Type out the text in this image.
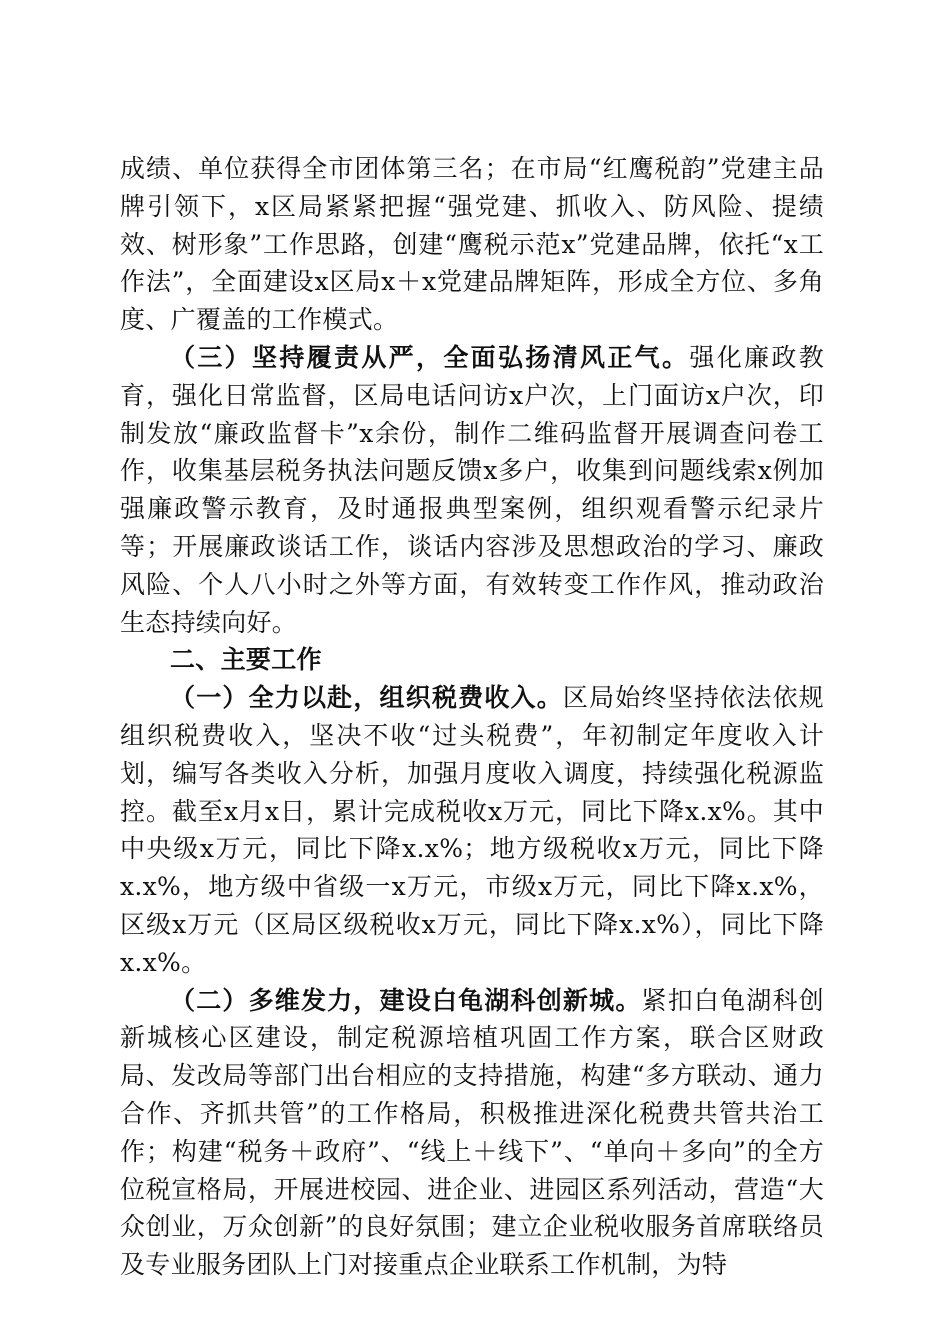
成绩、单位获得全市团体第三名；在市局“红鹰税韵”党建主品牌引领下，x区局紧紧把握“强党建、抓收入、防风险、提绩效、树形象”工作思路，创建“鹰税示范x”党建品牌，依托“x工作法”，全面建设x区局x＋x党建品牌矩阵，形成全方位、多角度、广覆盖的工作模式。

（三）坚持履责从严，全面弘扬清风正气。强化廉政教育，强化日常监督，区局电话问访x户次，上门面访x户次，印制发放“廉政监督卡”x余份，制作二维码监督开展调查问卷工作，收集基层税务执法问题反馈x多户，收集到问题线索x例加强廉政警示教育，及时通报典型案例，组织观看警示纪录片等；开展廉政谈话工作，谈话内容涉及思想政治的学习、廉政风险、个人八小时之外等方面，有效转变工作作风，推动政治生态持续向好。

二、主要工作

（一）全力以赴，组织税费收入。区局始终坚持依法依规组织税费收入，坚决不收“过头税费”，年初制定年度收入计划，编写各类收入分析，加强月度收入调度，持续强化税源监控。截至x月x日，累计完成税收x万元，同比下降x.x%。其中中央级x万元，同比下降x.x%；地方级税收x万元，同比下降x.x%，地方级中省级一x万元，市级x万元，同比下降x.x%，区级x万元（区局区级税收x万元，同比下降x.x%），同比下降x.x%。

（二）多维发力，建设白龟湖科创新城。紧扣白龟湖科创新城核心区建设，制定税源培植巩固工作方案，联合区财政局、发改局等部门出台相应的支持措施，构建“多方联动、通力合作、齐抓共管”的工作格局，积极推进深化税费共管共治工作；构建“税务＋政府”、“线上＋线下”、“单向＋多向”的全方位税宣格局，开展进校园、进企业、进园区系列活动，营造“大众创业，万众创新”的良好氛围；建立企业税收服务首席联络员及专业服务团队上门对接重点企业联系工作机制，为特
